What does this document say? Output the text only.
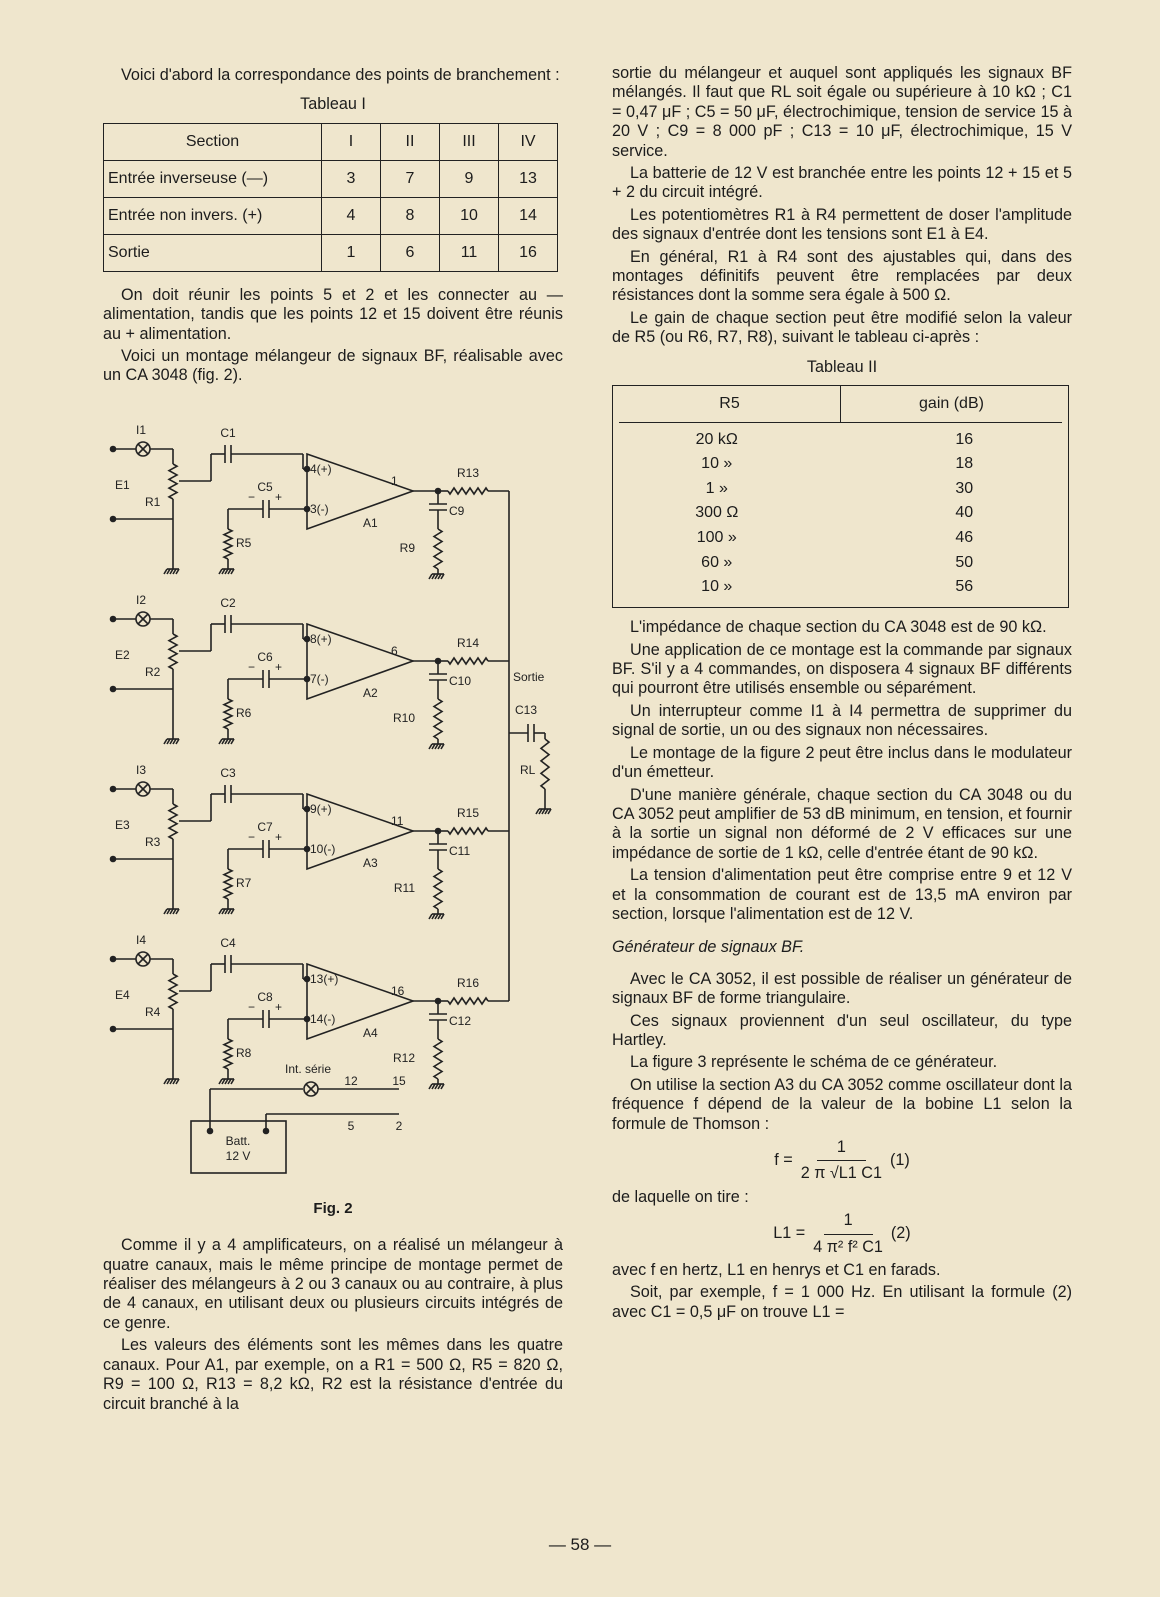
Voici d'abord la correspondance des points de branchement :

Tableau I
Section	I	II	III	IV
Entrée inverseuse (—)	3	7	9	13
Entrée non invers. (+)	4	8	10	14
Sortie	1	6	11	16

On doit réunir les points 5 et 2 et les connecter au — alimentation, tandis que les points 12 et 15 doivent être réunis au + alimentation.

Voici un montage mélangeur de signaux BF, réalisable avec un CA 3048 (fig. 2).

I1
E1
R1
C1
4(+)
3(-)
1
A1
− +
C5
R5
R13
C9
R9
I2
E2
R2
C2
8(+)
7(-)
6
A2
− +
C6
R6
R14
C10
R10
I3
E3
R3
C3
9(+)
10(-)
11
A3
− +
C7
R7
R15
C11
R11
I4
E4
R4
C4
13(+)
14(-)
16
A4
− +
C8
R8
R16
C12
R12
Sortie
C13
RL
Batt.
12 V
Int. série
12	15
5	2
Fig. 2

Comme il y a 4 amplificateurs, on a réalisé un mélangeur à quatre canaux, mais le même principe de montage permet de réaliser des mélangeurs à 2 ou 3 canaux ou au contraire, à plus de 4 canaux, en utilisant deux ou plusieurs circuits intégrés de ce genre.

Les valeurs des éléments sont les mêmes dans les quatre canaux. Pour A1, par exemple, on a R1 = 500 Ω, R5 = 820 Ω, R9 = 100 Ω, R13 = 8,2 kΩ, R2 est la résistance d'entrée du circuit branché à la

sortie du mélangeur et auquel sont appliqués les signaux BF mélangés. Il faut que RL soit égale ou supérieure à 10 kΩ ; C1 = 0,47 μF ; C5 = 50 μF, électrochimique, tension de service 15 à 20 V ; C9 = 8 000 pF ; C13 = 10 μF, électrochimique, 15 V service.

La batterie de 12 V est branchée entre les points 12 + 15 et 5 + 2 du circuit intégré.

Les potentiomètres R1 à R4 permettent de doser l'amplitude des signaux d'entrée dont les tensions sont E1 à E4.

En général, R1 à R4 sont des ajustables qui, dans des montages définitifs peuvent être remplacées par deux résistances dont la somme sera égale à 500 Ω.

Le gain de chaque section peut être modifié selon la valeur de R5 (ou R6, R7, R8), suivant le tableau ci-après :

Tableau II
R5	gain (dB)
20 kΩ	16
10 »	18
1 »	30
300 Ω	40
100 »	46
60 »	50
10 »	56

L'impédance de chaque section du CA 3048 est de 90 kΩ.

Une application de ce montage est la commande par signaux BF. S'il y a 4 commandes, on disposera 4 signaux BF différents qui pourront être utilisés ensemble ou séparément.

Un interrupteur comme I1 à I4 permettra de supprimer du signal de sortie, un ou des signaux non nécessaires.

Le montage de la figure 2 peut être inclus dans le modulateur d'un émetteur.

D'une manière générale, chaque section du CA 3048 ou du CA 3052 peut amplifier de 53 dB minimum, en tension, et fournir à la sortie un signal non déformé de 2 V efficaces sur une impédance de sortie de 1 kΩ, celle d'entrée étant de 90 kΩ.

La tension d'alimentation peut être comprise entre 9 et 12 V et la consommation de courant est de 13,5 mA environ par section, lorsque l'alimentation est de 12 V.

Générateur de signaux BF.

Avec le CA 3052, il est possible de réaliser un générateur de signaux BF de forme triangulaire.

Ces signaux proviennent d'un seul oscillateur, du type Hartley.

La figure 3 représente le schéma de ce générateur.

On utilise la section A3 du CA 3052 comme oscillateur dont la fréquence f dépend de la valeur de la bobine L1 selon la formule de Thomson :

$f = \frac{1}{2 \pi √L1 C1} (1)$

de laquelle on tire :

$L1 = \frac{1}{\text{4 π² f² C1}} (2)$

avec f en hertz, L1 en henrys et C1 en farads.

Soit, par exemple, f = 1 000 Hz. En utilisant la formule (2) avec C1 = 0,5 μF on trouve L1 =

— 58 —
